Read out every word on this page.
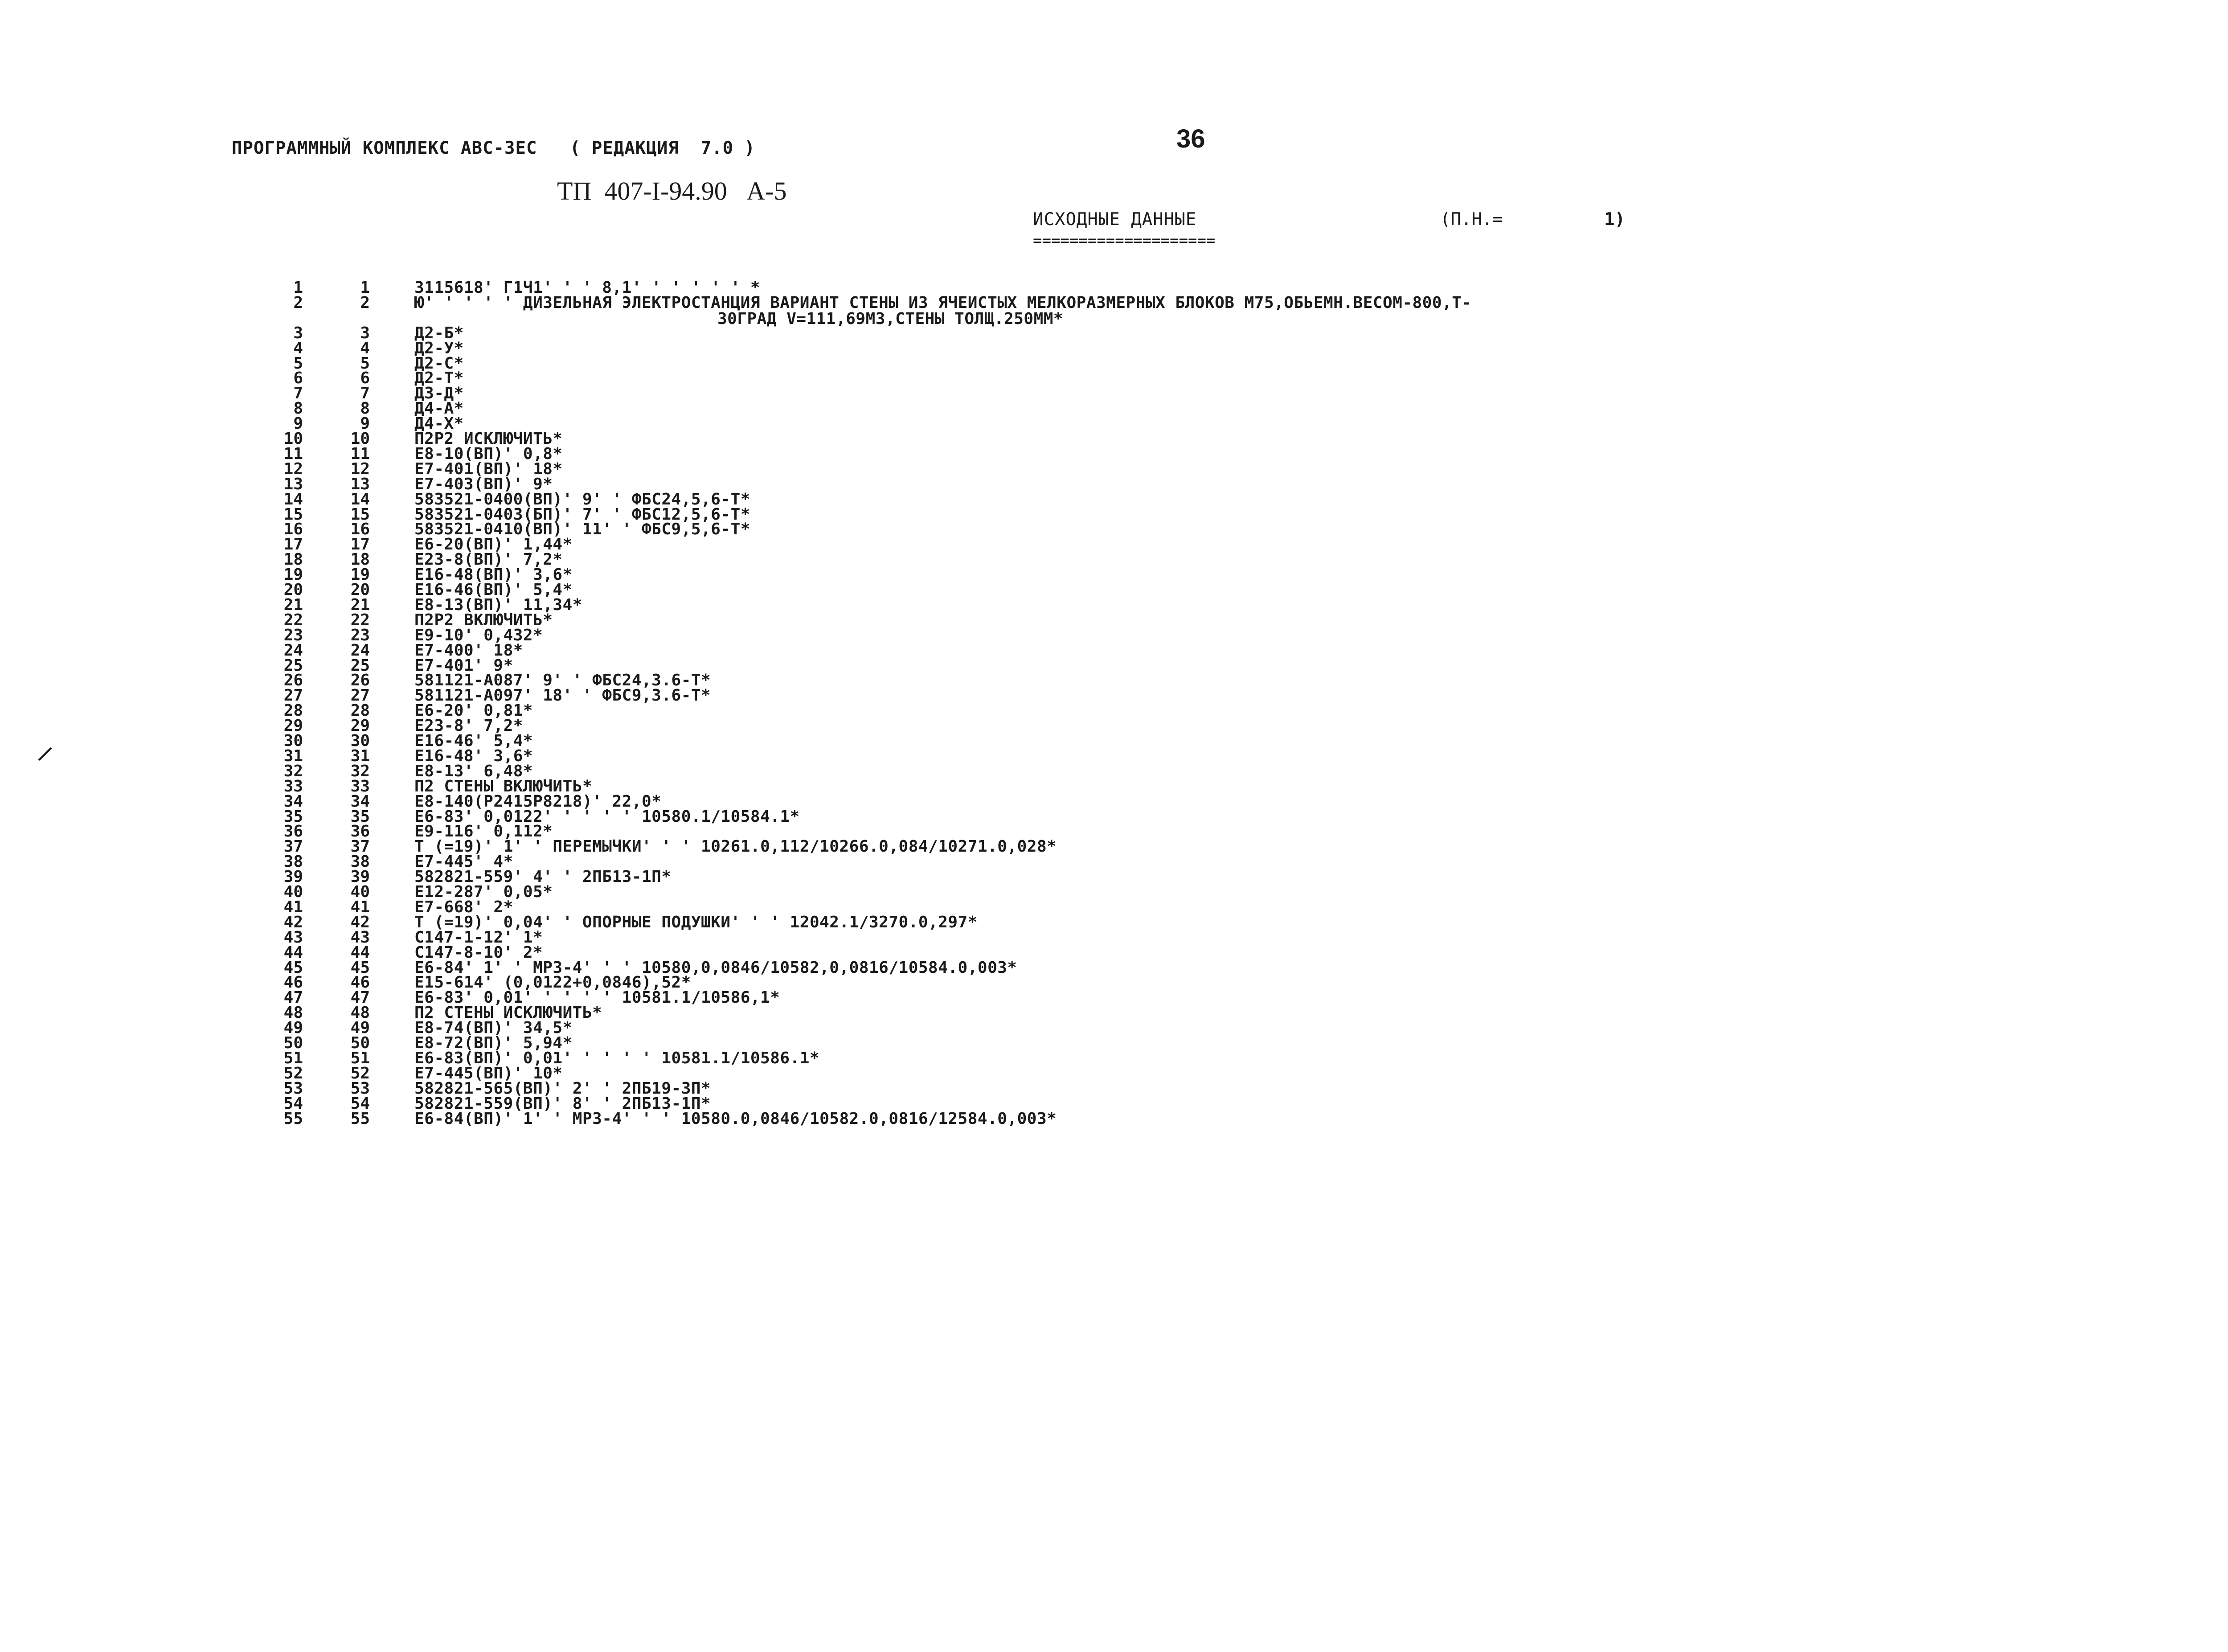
ПРОГРАММНЫЙ КОМПЛЕКС АВС-3ЕС   ( РЕДАКЦИЯ  7.0 )	36
ТП  407-I-94.90   А-5
ИСХОДНЫЕ ДАННЫЕ
====================
(П.Н.=	1)
/
1	1	3115618' Г1Ч1' ' ' 8,1' ' ' ' ' ' *
2	2	Ю' ' ' ' ' ДИЗЕЛЬНАЯ ЭЛЕКТРОСТАНЦИЯ ВАРИАНТ СТЕНЫ ИЗ ЯЧЕИСТЫХ МЕЛКОРАЗМЕРНЫХ БЛОКОВ М75,ОБЬЕМН.ВЕСОМ-800,Т-
30ГРАД V=111,69М3,СТЕНЫ ТОЛЩ.250ММ*
3	3	Д2-Б*
4	4	Д2-У*
5	5	Д2-С*
6	6	Д2-Т*
7	7	Д3-Д*
8	8	Д4-А*
9	9	Д4-Х*
10	10	П2Р2 ИСКЛЮЧИТЬ*
11	11	Е8-10(ВП)' 0,8*
12	12	Е7-401(ВП)' 18*
13	13	Е7-403(ВП)' 9*
14	14	583521-0400(ВП)' 9' ' ФБС24,5,6-Т*
15	15	583521-0403(БП)' 7' ' ФБС12,5,6-Т*
16	16	583521-0410(ВП)' 11' ' ФБС9,5,6-Т*
17	17	Е6-20(ВП)' 1,44*
18	18	Е23-8(ВП)' 7,2*
19	19	Е16-48(ВП)' 3,6*
20	20	Е16-46(ВП)' 5,4*
21	21	Е8-13(ВП)' 11,34*
22	22	П2Р2 ВКЛЮЧИТЬ*
23	23	Е9-10' 0,432*
24	24	Е7-400' 18*
25	25	Е7-401' 9*
26	26	581121-А087' 9' ' ФБС24,3.6-Т*
27	27	581121-А097' 18' ' ФБС9,3.6-Т*
28	28	Е6-20' 0,81*
29	29	Е23-8' 7,2*
30	30	Е16-46' 5,4*
31	31	Е16-48' 3,6*
32	32	Е8-13' 6,48*
33	33	П2 СТЕНЫ ВКЛЮЧИТЬ*
34	34	Е8-140(Р2415Р8218)' 22,0*
35	35	Е6-83' 0,0122' ' ' ' ' 10580.1/10584.1*
36	36	Е9-116' 0,112*
37	37	Т (=19)' 1' ' ПЕРЕМЫЧКИ' ' ' 10261.0,112/10266.0,084/10271.0,028*
38	38	Е7-445' 4*
39	39	582821-559' 4' ' 2ПБ13-1П*
40	40	Е12-287' 0,05*
41	41	Е7-668' 2*
42	42	Т (=19)' 0,04' ' ОПОРНЫЕ ПОДУШКИ' ' ' 12042.1/3270.0,297*
43	43	С147-1-12' 1*
44	44	С147-8-10' 2*
45	45	Е6-84' 1' ' МР3-4' ' ' 10580,0,0846/10582,0,0816/10584.0,003*
46	46	Е15-614' (0,0122+0,0846),52*
47	47	Е6-83' 0,01' ' ' ' ' 10581.1/10586,1*
48	48	П2 СТЕНЫ ИСКЛЮЧИТЬ*
49	49	Е8-74(ВП)' 34,5*
50	50	Е8-72(ВП)' 5,94*
51	51	Е6-83(ВП)' 0,01' ' ' ' ' 10581.1/10586.1*
52	52	Е7-445(ВП)' 10*
53	53	582821-565(ВП)' 2' ' 2ПБ19-3П*
54	54	582821-559(ВП)' 8' ' 2ПБ13-1П*
55	55	Е6-84(ВП)' 1' ' МР3-4' ' ' 10580.0,0846/10582.0,0816/12584.0,003*
